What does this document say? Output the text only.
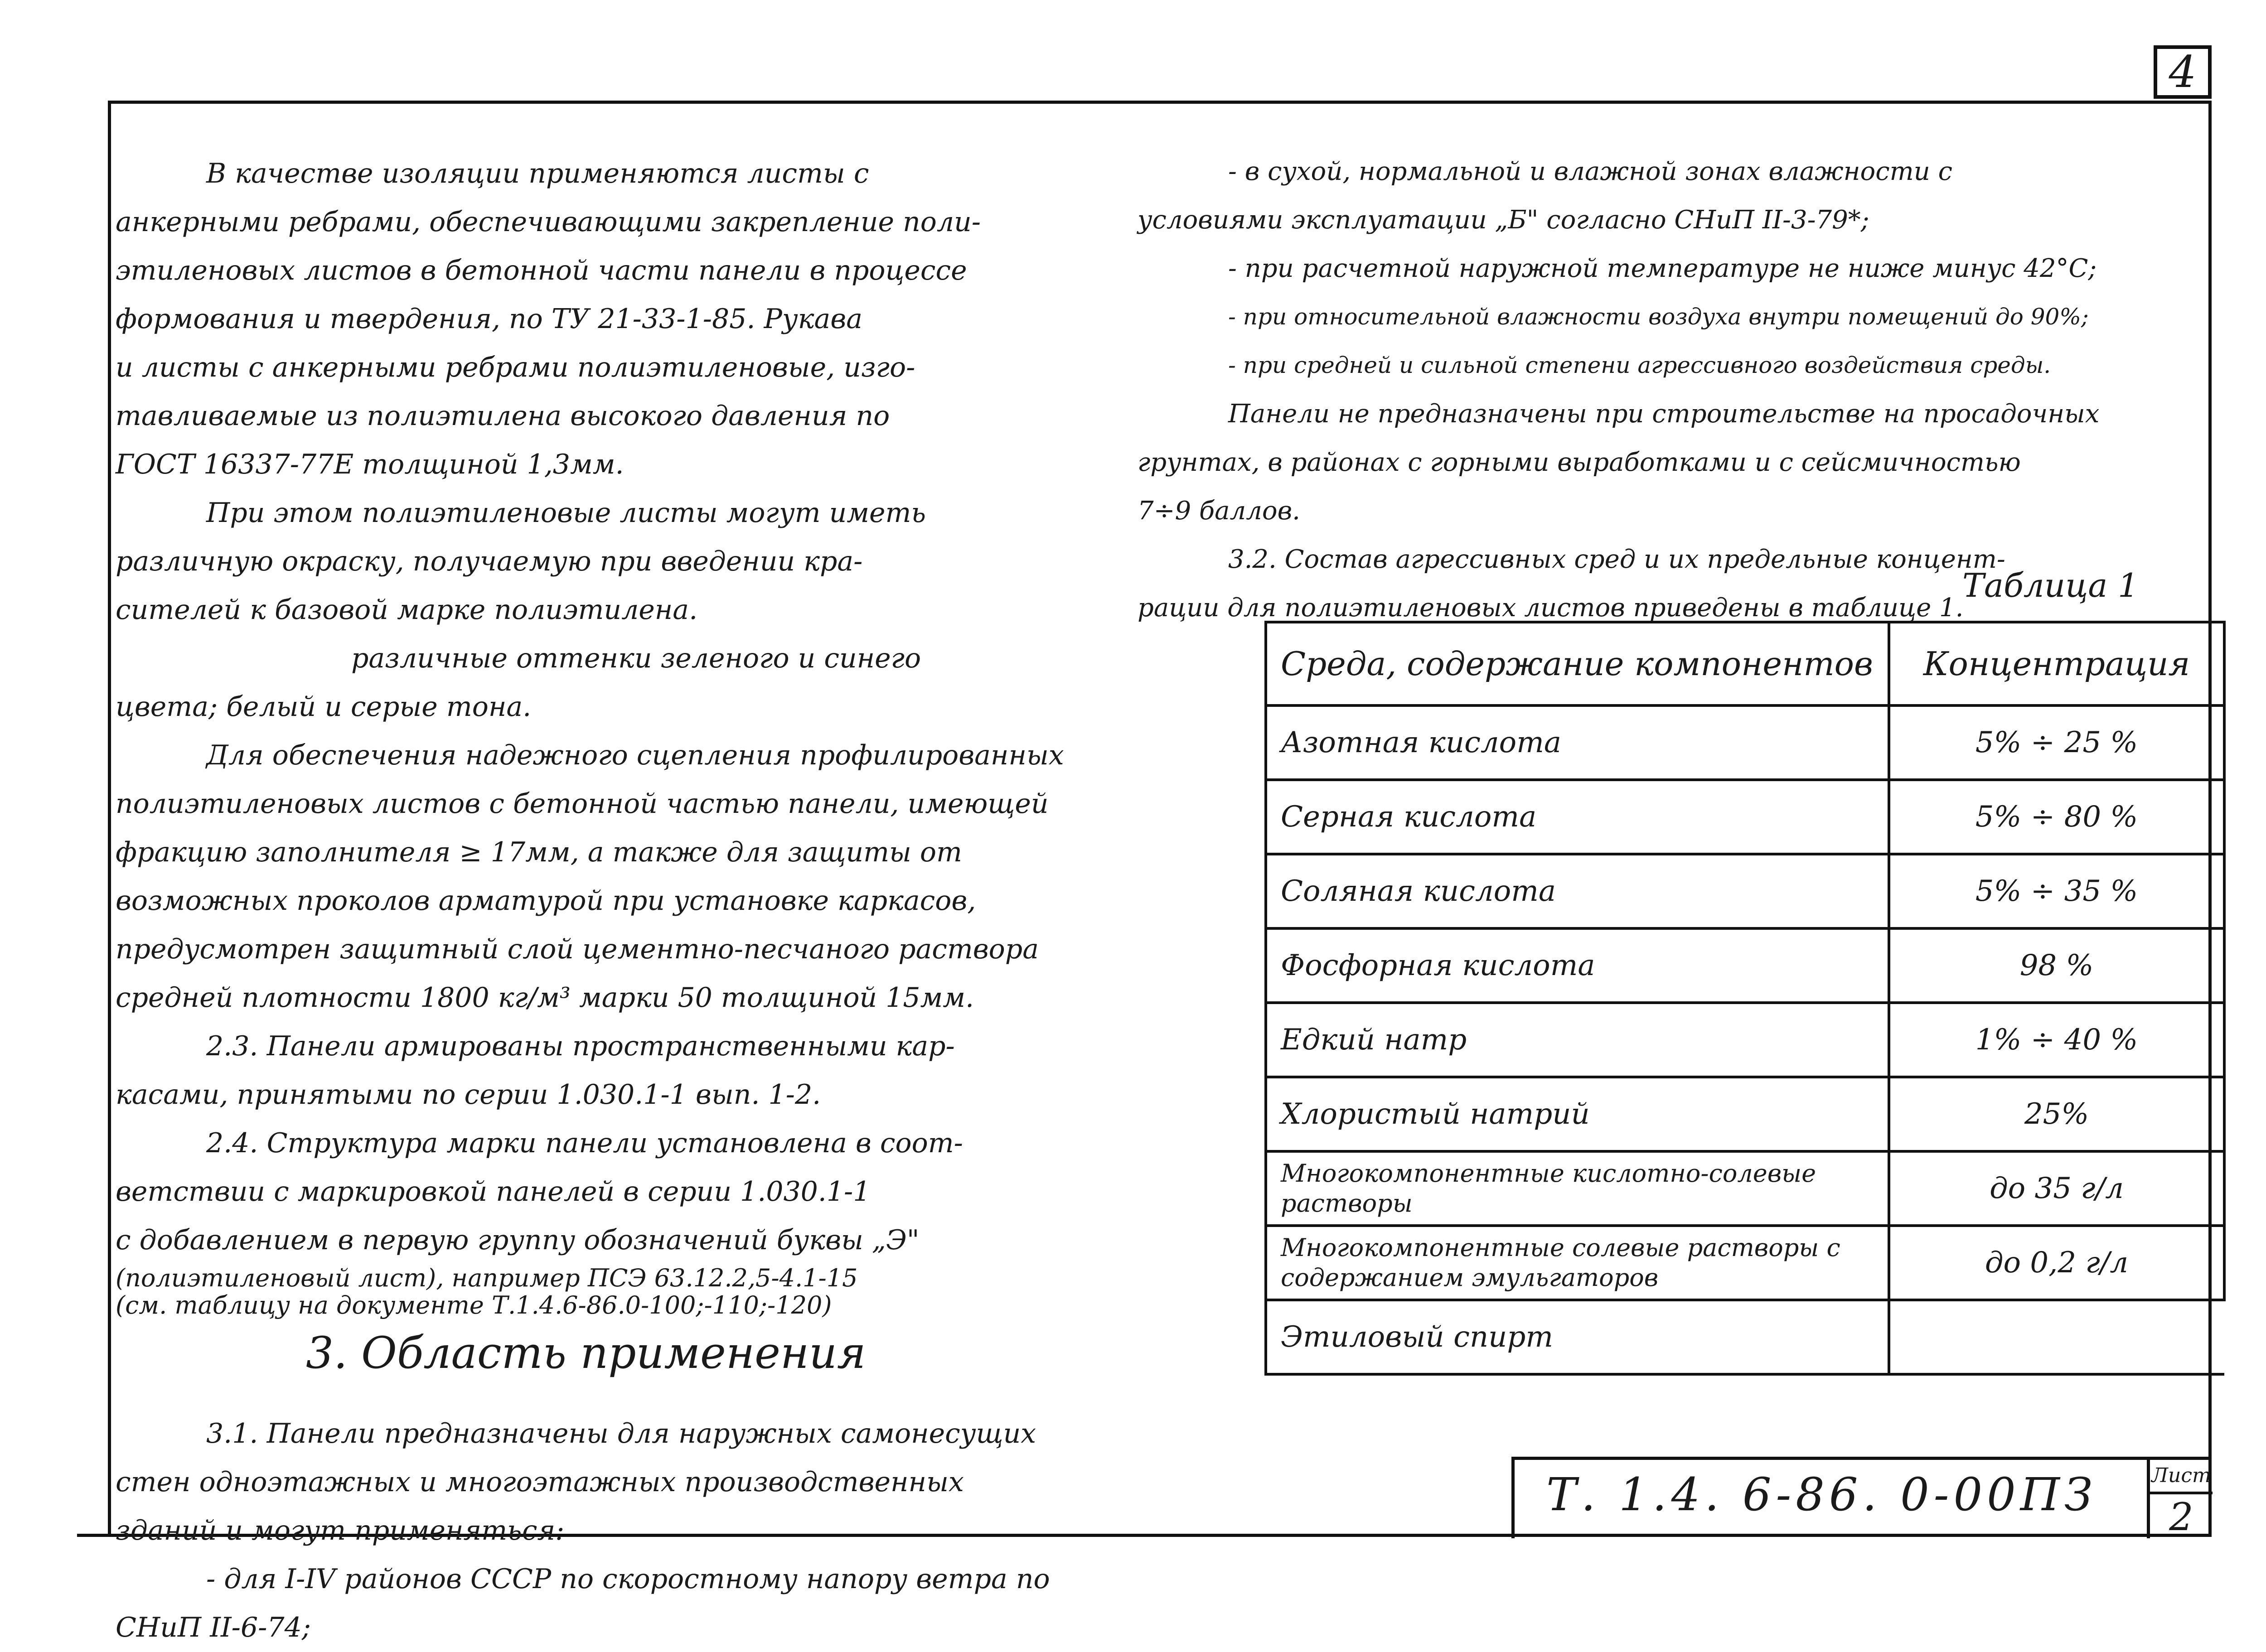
4

В качестве изоляции применяются листы с

анкерными ребрами, обеспечивающими закрепление поли-

этиленовых листов в бетонной части панели в процессе

формования и твердения, по ТУ 21-33-1-85. Рукава

и листы с анкерными ребрами полиэтиленовые, изго-

тавливаемые из полиэтилена высокого давления по

ГОСТ 16337-77Е толщиной 1,3мм.

При этом полиэтиленовые листы могут иметь

различную окраску, получаемую при введении кра-

сителей к базовой марке полиэтилена.

различные оттенки зеленого и синего

цвета; белый и серые тона.

Для обеспечения надежного сцепления профилированных

полиэтиленовых листов с бетонной частью панели, имеющей

фракцию заполнителя ≥ 17мм, а также для защиты от

возможных проколов арматурой при установке каркасов,

предусмотрен защитный слой цементно-песчаного раствора

средней плотности 1800 кг/м³ марки 50 толщиной 15мм.

2.3. Панели армированы пространственными кар-

касами, принятыми по серии 1.030.1-1 вып. 1-2.

2.4. Структура марки панели установлена в соот-

ветствии с маркировкой панелей в серии 1.030.1-1

с добавлением в первую группу обозначений буквы „Э"

(полиэтиленовый лист), например ПСЭ 63.12.2,5-4.1-15

(см. таблицу на документе Т.1.4.6-86.0-100;-110;-120)

3. Область применения

3.1. Панели предназначены для наружных самонесущих

стен одноэтажных и многоэтажных производственных

зданий и могут применяться:

- для I-IV районов СССР по скоростному напору ветра по

СНиП II-6-74;

- в сухой, нормальной и влажной зонах влажности с

условиями эксплуатации „Б" согласно СНиП II-3-79*;

- при расчетной наружной температуре не ниже минус 42°С;

- при относительной влажности воздуха внутри помещений до 90%;

- при средней и сильной степени агрессивного воздействия среды.

Панели не предназначены при строительстве на просадочных

грунтах, в районах с горными выработками и с сейсмичностью

7÷9 баллов.

3.2. Состав агрессивных сред и их предельные концент-

рации для полиэтиленовых листов приведены в таблице 1.

Таблица 1
Среда, содержание компонентов	Концентрация
Азотная кислота	5% ÷ 25 %
Серная кислота	5% ÷ 80 %
Соляная кислота	5% ÷ 35 %
Фосфорная кислота	98 %
Едкий натр	1% ÷ 40 %
Хлористый натрий	25%
Многокомпонентные кислотно-солевые растворы	до 35 г/л
Многокомпонентные солевые растворы с содержанием эмульгаторов	до 0,2 г/л
Этиловый спирт	
Т. 1.4. 6-86. 0-00ПЗ	Лист
2
